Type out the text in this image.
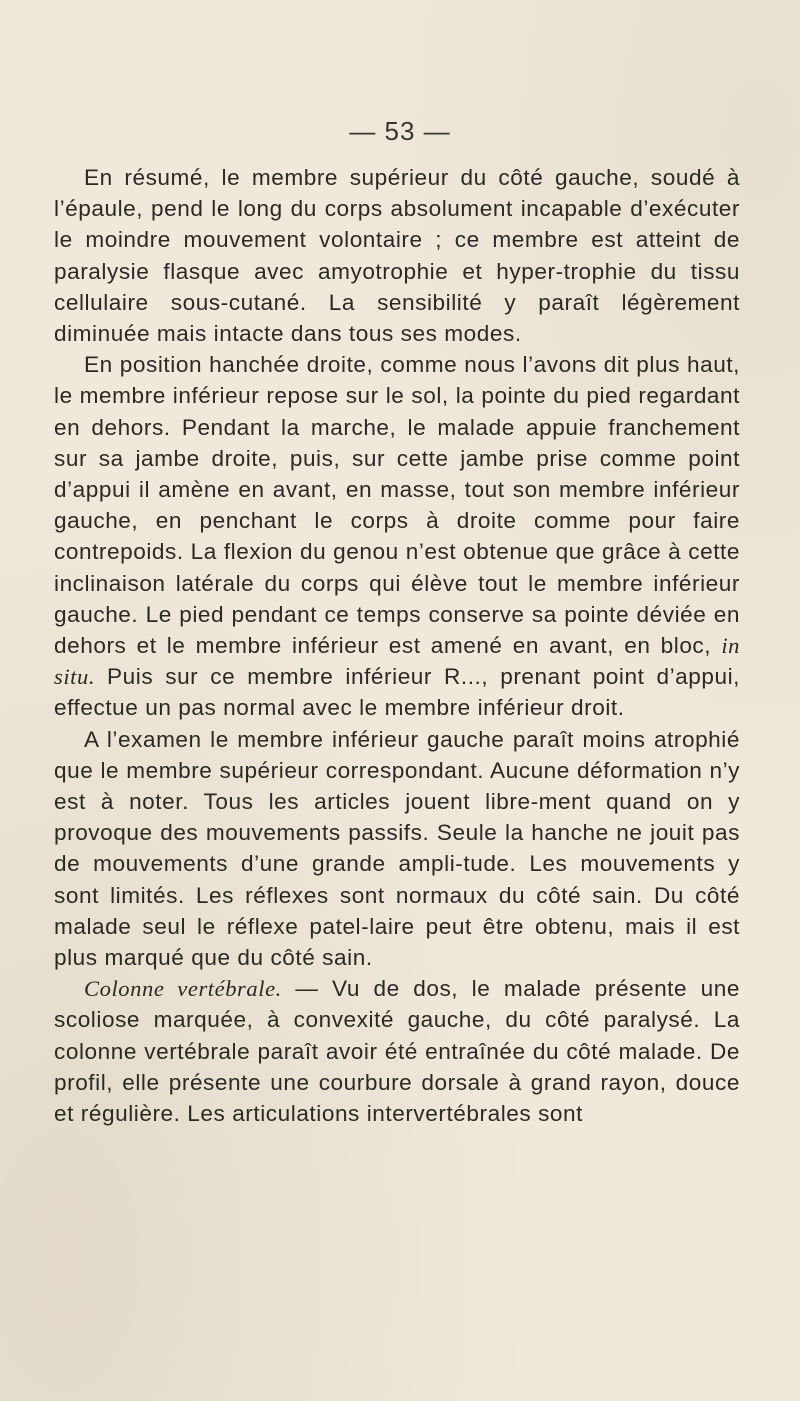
— 53 —

En résumé, le membre supérieur du côté gauche, soudé à l’épaule, pend le long du corps absolument incapable d’exécuter le moindre mouvement volontaire ; ce membre est atteint de paralysie flasque avec amyotrophie et hyper-trophie du tissu cellulaire sous-cutané. La sensibilité y paraît légèrement diminuée mais intacte dans tous ses modes.

En position hanchée droite, comme nous l’avons dit plus haut, le membre inférieur repose sur le sol, la pointe du pied regardant en dehors. Pendant la marche, le malade appuie franchement sur sa jambe droite, puis, sur cette jambe prise comme point d’appui il amène en avant, en masse, tout son membre inférieur gauche, en penchant le corps à droite comme pour faire contrepoids. La flexion du genou n’est obtenue que grâce à cette inclinaison latérale du corps qui élève tout le membre inférieur gauche. Le pied pendant ce temps conserve sa pointe déviée en dehors et le membre inférieur est amené en avant, en bloc, in situ. Puis sur ce membre inférieur R..., prenant point d’appui, effectue un pas normal avec le membre inférieur droit.

A l’examen le membre inférieur gauche paraît moins atrophié que le membre supérieur correspondant. Aucune déformation n’y est à noter. Tous les articles jouent libre-ment quand on y provoque des mouvements passifs. Seule la hanche ne jouit pas de mouvements d’une grande ampli-tude. Les mouvements y sont limités. Les réflexes sont normaux du côté sain. Du côté malade seul le réflexe patel-laire peut être obtenu, mais il est plus marqué que du côté sain.

Colonne vertébrale. — Vu de dos, le malade présente une scoliose marquée, à convexité gauche, du côté paralysé. La colonne vertébrale paraît avoir été entraînée du côté malade. De profil, elle présente une courbure dorsale à grand rayon, douce et régulière. Les articulations intervertébrales sont
